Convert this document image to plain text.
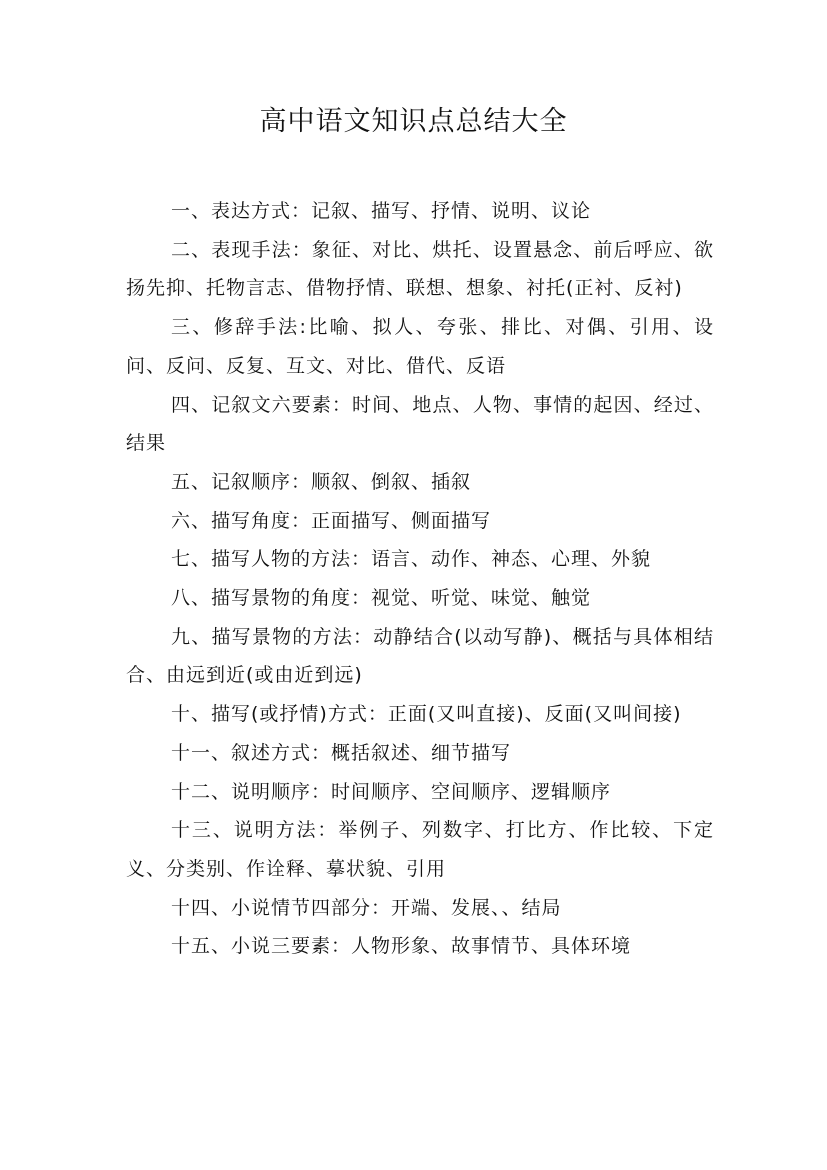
高中语文知识点总结大全

一、表达方式：记叙、描写、抒情、说明、议论

二、表现手法：象征、对比、烘托、设置悬念、前后呼应、欲扬先抑、托物言志、借物抒情、联想、想象、衬托(正衬、反衬)

三、修辞手法:比喻、拟人、夸张、排比、对偶、引用、设问、反问、反复、互文、对比、借代、反语

四、记叙文六要素：时间、地点、人物、事情的起因、经过、结果

五、记叙顺序：顺叙、倒叙、插叙

六、描写角度：正面描写、侧面描写

七、描写人物的方法：语言、动作、神态、心理、外貌

八、描写景物的角度：视觉、听觉、味觉、触觉

九、描写景物的方法：动静结合(以动写静)、概括与具体相结合、由远到近(或由近到远)

十、描写(或抒情)方式：正面(又叫直接)、反面(又叫间接)

十一、叙述方式：概括叙述、细节描写

十二、说明顺序：时间顺序、空间顺序、逻辑顺序

十三、说明方法：举例子、列数字、打比方、作比较、下定义、分类别、作诠释、摹状貌、引用

十四、小说情节四部分：开端、发展、、结局

十五、小说三要素：人物形象、故事情节、具体环境
